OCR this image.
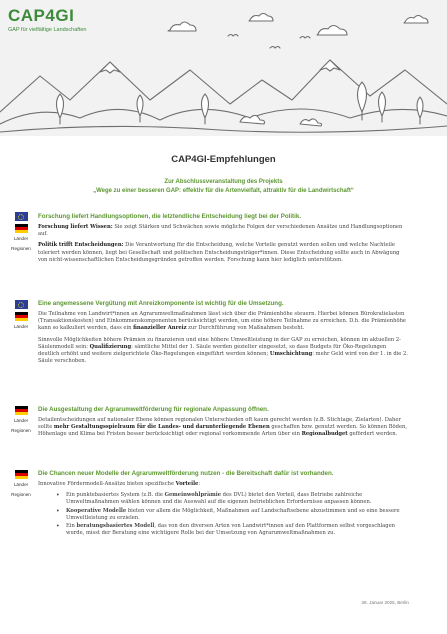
CAP4GI
GAP für vielfältige Landschaften
CAP4GI-Empfehlungen
Zur Abschlussveranstaltung des Projekts
„Wege zu einer besseren GAP: effektiv für die Artenvielfalt, attraktiv für die Landwirtschaft“
Länder
Regionen
Forschung liefert Handlungsoptionen, die letztendliche Entscheidung liegt bei der Politik.

Forschung liefert Wissen: Sie zeigt Stärken und Schwächen sowie mögliche Folgen der verschiedenen Ansätze und Handlungsoptionen auf.

Politik trifft Entscheidungen: Die Verantwortung für die Entscheidung, welche Vorteile genutzt werden sollen und welche Nachteile toleriert werden können, liegt bei Gesellschaft und politischen Entscheidungsträger*innen. Diese Entscheidung sollte auch in Abwägung von nicht-wissenschaftlichen Entscheidungsgründen getroffen werden. Forschung kann hier lediglich unterstützen.

Länder
Eine angemessene Vergütung mit Anreizkomponente ist wichtig für die Umsetzung.

Die Teilnahme von Landwirt*innen an Agrarumweltmaßnahmen lässt sich über die Prämienhöhe steuern. Hierbei können Bürokratielasten (Transaktionskosten) und Einkommenskomponenten berücksichtigt werden, um eine höhere Teilnahme zu erreichen. D.h. die Prämienhöhe kann so kalkuliert werden, dass ein finanzieller Anreiz zur Durchführung von Maßnahmen besteht.

Sinnvolle Möglichkeiten höhere Prämien zu finanzieren und eine höhere Umweltleistung in der GAP zu erreichen, können im aktuellen 2-Säulenmodell sein: Qualifizierung: sämtliche Mittel der 1. Säule werden gezielter eingesetzt, so dass Budgets für Öko-Regelungen deutlich erhöht und weitere zielgerichtete Öko-Regelungen eingeführt werden können; Umschichtung: mehr Geld wird von der 1. in die 2. Säule verschoben.

Länder
Regionen
Die Ausgestaltung der Agrarumweltförderung für regionale Anpassung öffnen.

Detailentscheidungen auf nationaler Ebene können regionalen Unterschieden oft kaum gerecht werden (z.B. Stichtage, Zielarten). Daher sollte mehr Gestaltungsspielraum für die Landes- und darunterliegende Ebenen geschaffen bzw. genutzt werden. So können Böden, Höhenlage und Klima bei Fristen besser berücksichtigt oder regional vorkommende Arten über ein Regionalbudget gefördert werden.

Länder
Regionen
Die Chancen neuer Modelle der Agrarumweltförderung nutzen - die Bereitschaft dafür ist vorhanden.

Innovative Fördermodell-Ansätze bieten spezifische Vorteile:

• Ein punktebasiertes System (z.B. die Gemeinwohlprämie des DVL) bietet den Vorteil, dass Betriebe zahlreiche Umweltmaßnahmen wählen können und die Auswahl auf die eigenen betrieblichen Erfordernisse anpassen können.
• Kooperative Modelle bieten vor allem die Möglichkeit, Maßnahmen auf Landschaftsebene abzustimmen und so eine bessere Umweltleistung zu erzielen.
• Ein beratungsbasiertes Modell, das von den diversen Arten von Landwirt*innen auf den Plattformen selbst vorgeschlagen wurde, misst der Beratung eine wichtigere Rolle bei der Umsetzung von Agrarumweltmaßnahmen zu.
28. Januar 2025, Berlin
